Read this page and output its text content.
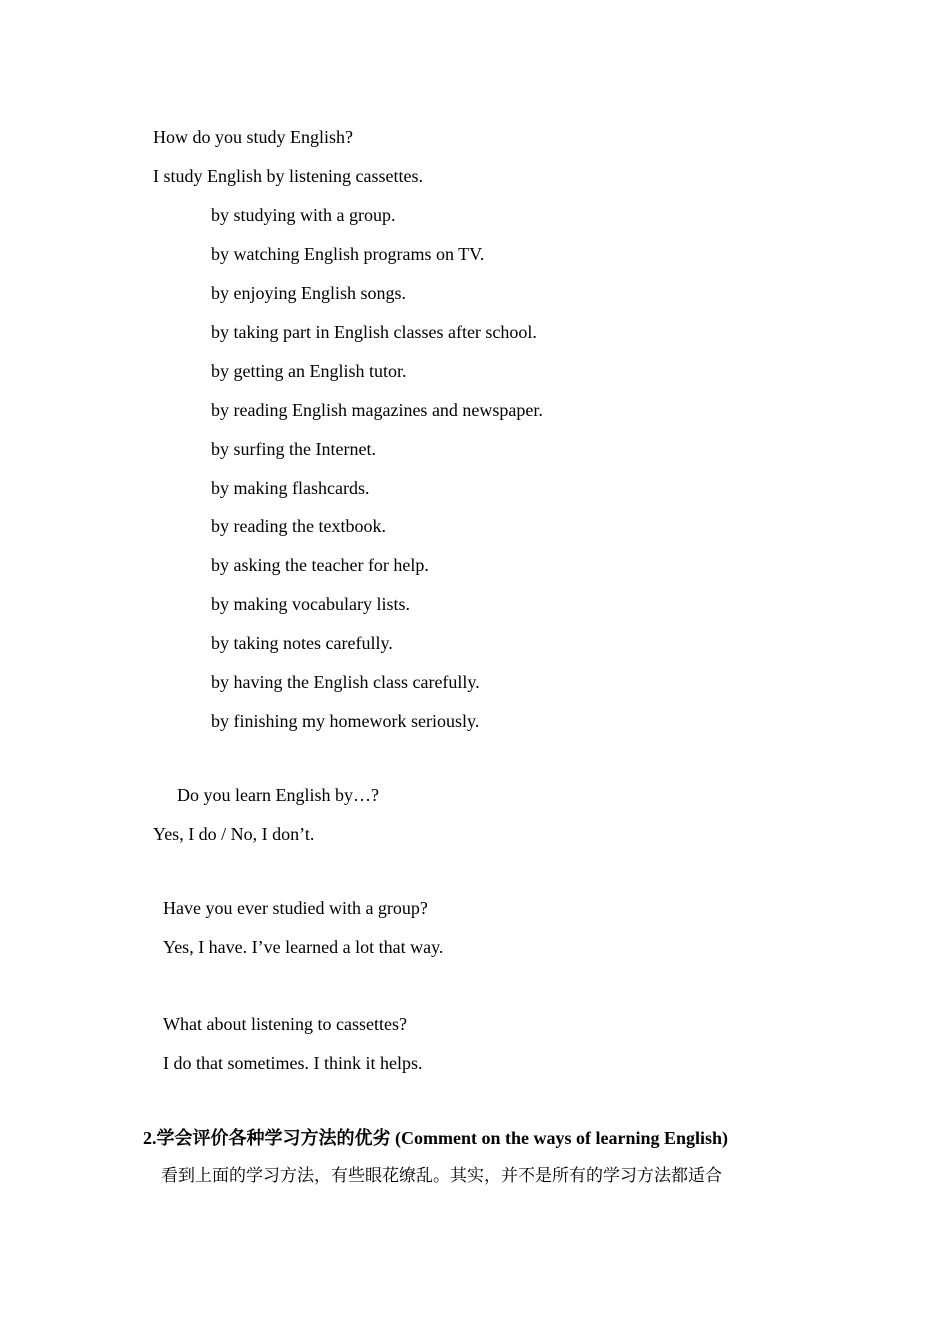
How do you study English?
I study English by listening cassettes.
by studying with a group.
by watching English programs on TV.
by enjoying English songs.
by taking part in English classes after school.
by getting an English tutor.
by reading English magazines and newspaper.
by surfing the Internet.
by making flashcards.
by reading the textbook.
by asking the teacher for help.
by making vocabulary lists.
by taking notes carefully.
by having the English class carefully.
by finishing my homework seriously.
Do you learn English by…?
Yes, I do / No, I don’t.
Have you ever studied with a group?
Yes, I have. I’ve learned a lot that way.
What about listening to cassettes?
I do that sometimes. I think it helps.
2.学会评价各种学习方法的优劣 (Comment on the ways of learning English)
看到上面的学习方法，有些眼花缭乱。其实，并不是所有的学习方法都适合
